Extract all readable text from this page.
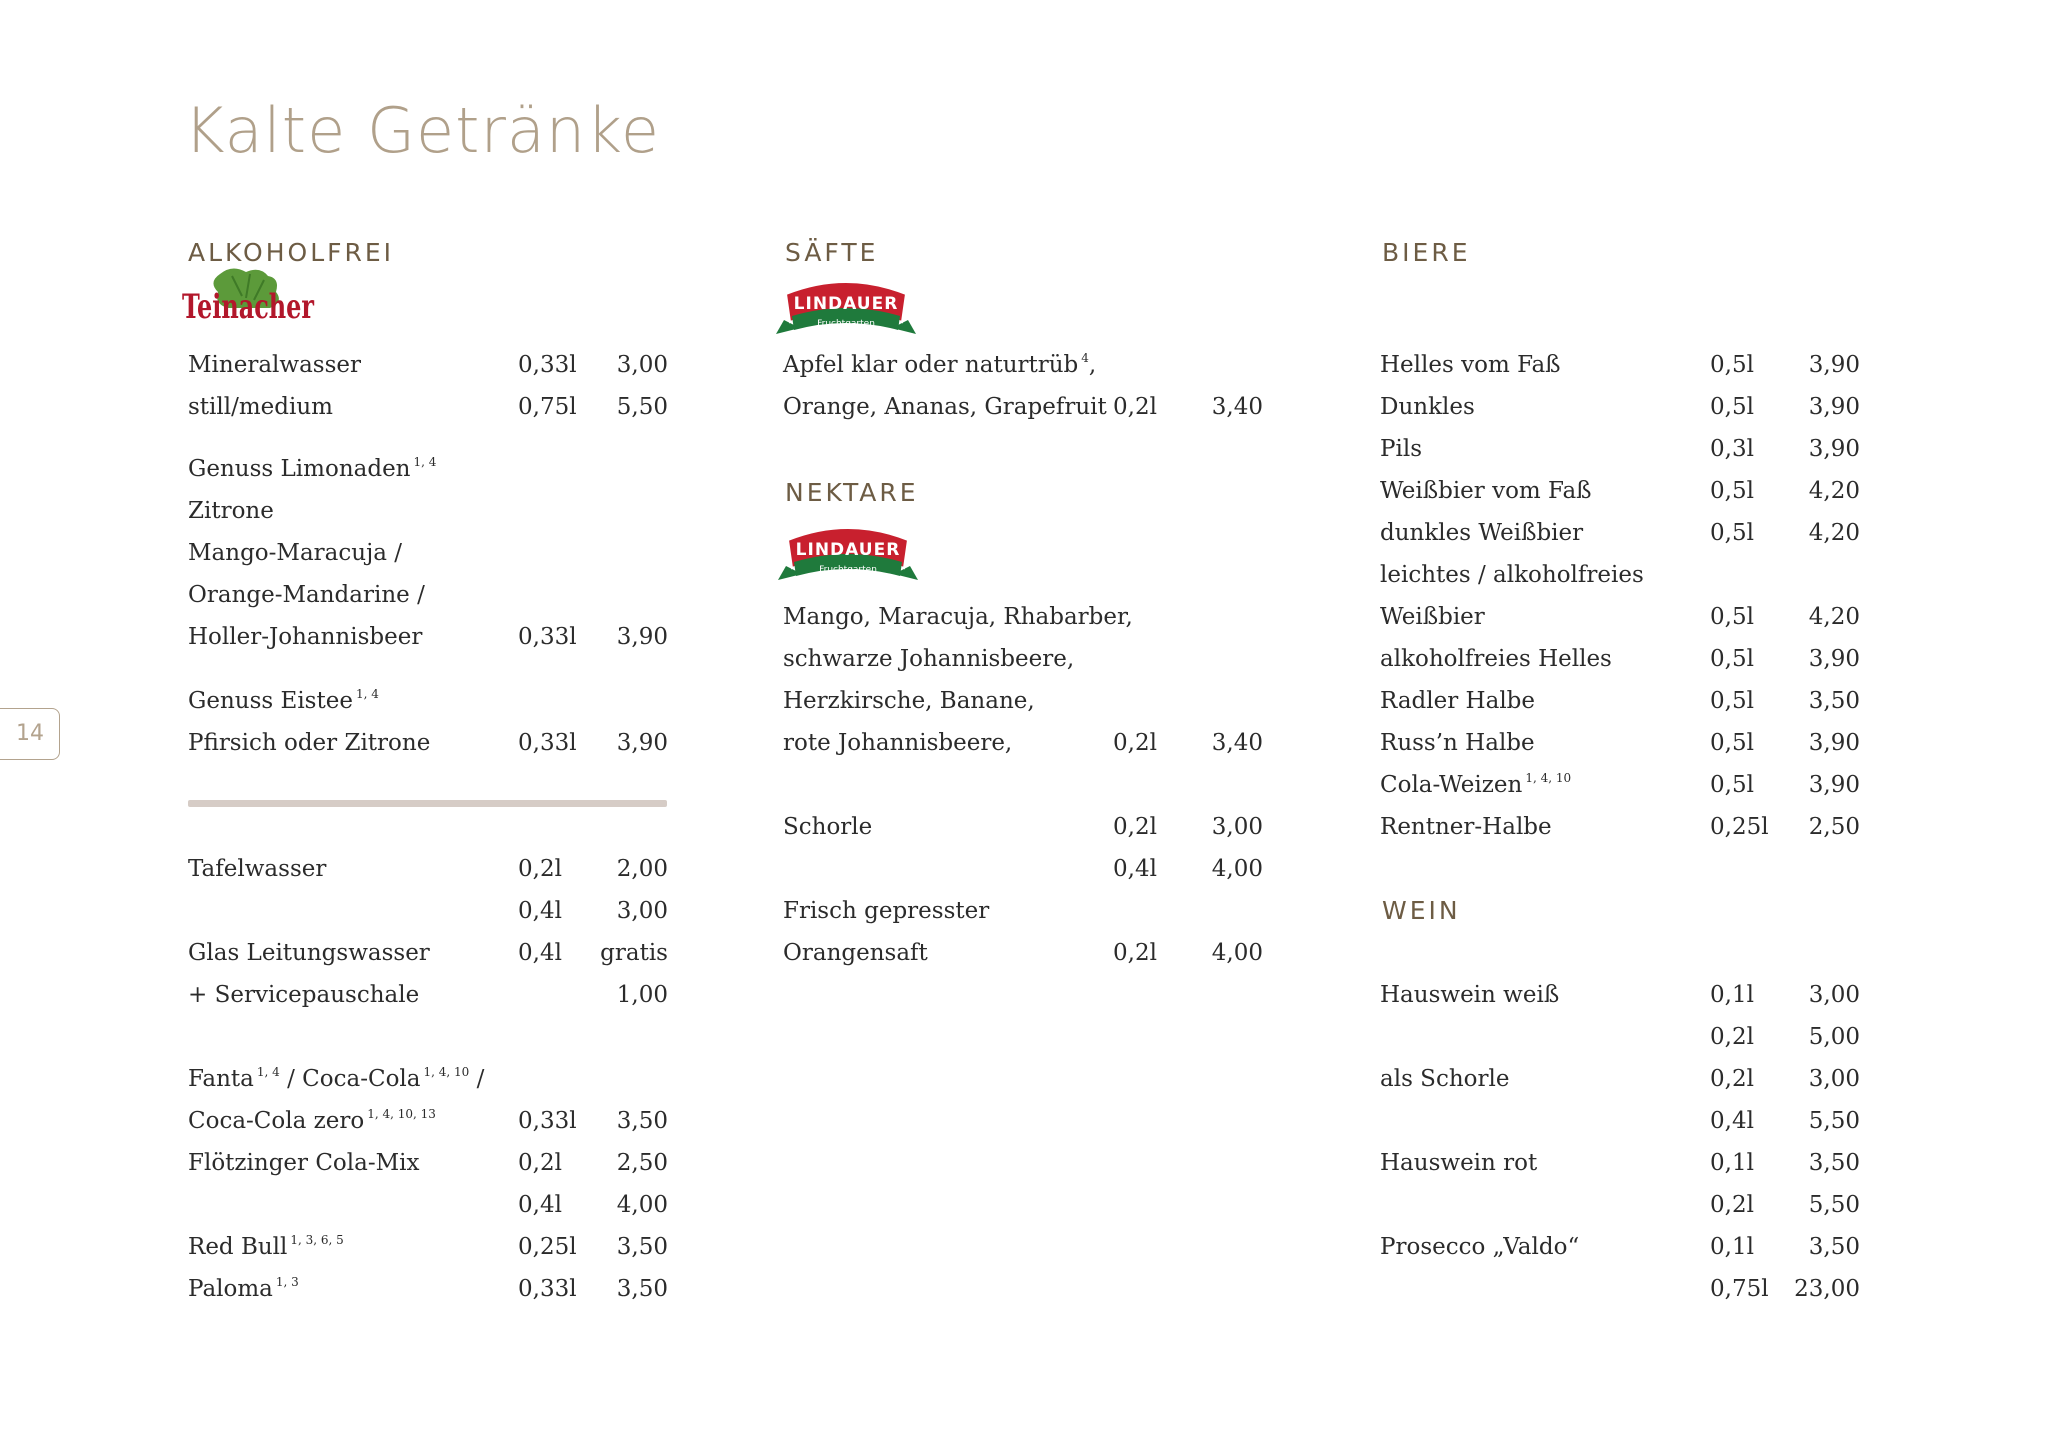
Kalte Getränke
14
ALKOHOLFREI
Teinacher
Mineralwasser	0,33l	3,00
still/medium	0,75l	5,50
Genuss Limonaden $^{1, 4}$
Zitrone
Mango-Maracuja /
Orange-Mandarine /
Holler-Johannisbeer	0,33l	3,90
Genuss Eistee $^{1, 4}$
Pfirsich oder Zitrone	0,33l	3,90
Tafelwasser	0,2l	2,00
0,4l	3,00
Glas Leitungswasser	0,4l	gratis
+ Servicepauschale	1,00
Fanta $^{1, 4}$ / Coca-Cola $^{1, 4, 10}$ /
Coca-Cola zero $^{1, 4, 10, 13}$	0,33l	3,50
Flötzinger Cola-Mix	0,2l	2,50
0,4l	4,00
Red Bull $^{1, 3, 6, 5}$	0,25l	3,50
Paloma $^{1, 3}$	0,33l	3,50
SÄFTE
LINDAUER
Fruchtgarten
NEKTARE
LINDAUER
Fruchtgarten
Apfel klar oder naturtrüb $^4$,
Orange, Ananas, Grapefruit 0,2l	3,40
Mango, Maracuja, Rhabarber,
schwarze Johannisbeere,
Herzkirsche, Banane,
rote Johannisbeere,	0,2l	3,40
Schorle	0,2l	3,00
0,4l	4,00
Frisch gepresster
Orangensaft	0,2l	4,00
BIERE
WEIN
Helles vom Faß	0,5l	3,90
Dunkles	0,5l	3,90
Pils	0,3l	3,90
Weißbier vom Faß	0,5l	4,20
dunkles Weißbier	0,5l	4,20
leichtes / alkoholfreies
Weißbier	0,5l	4,20
alkoholfreies Helles	0,5l	3,90
Radler Halbe	0,5l	3,50
Russ’n Halbe	0,5l	3,90
Cola-Weizen $^{1, 4, 10}$	0,5l	3,90
Rentner-Halbe	0,25l	2,50
Hauswein weiß	0,1l	3,00
0,2l	5,00
als Schorle	0,2l	3,00
0,4l	5,50
Hauswein rot	0,1l	3,50
0,2l	5,50
Prosecco „Valdo“	0,1l	3,50
0,75l	23,00
